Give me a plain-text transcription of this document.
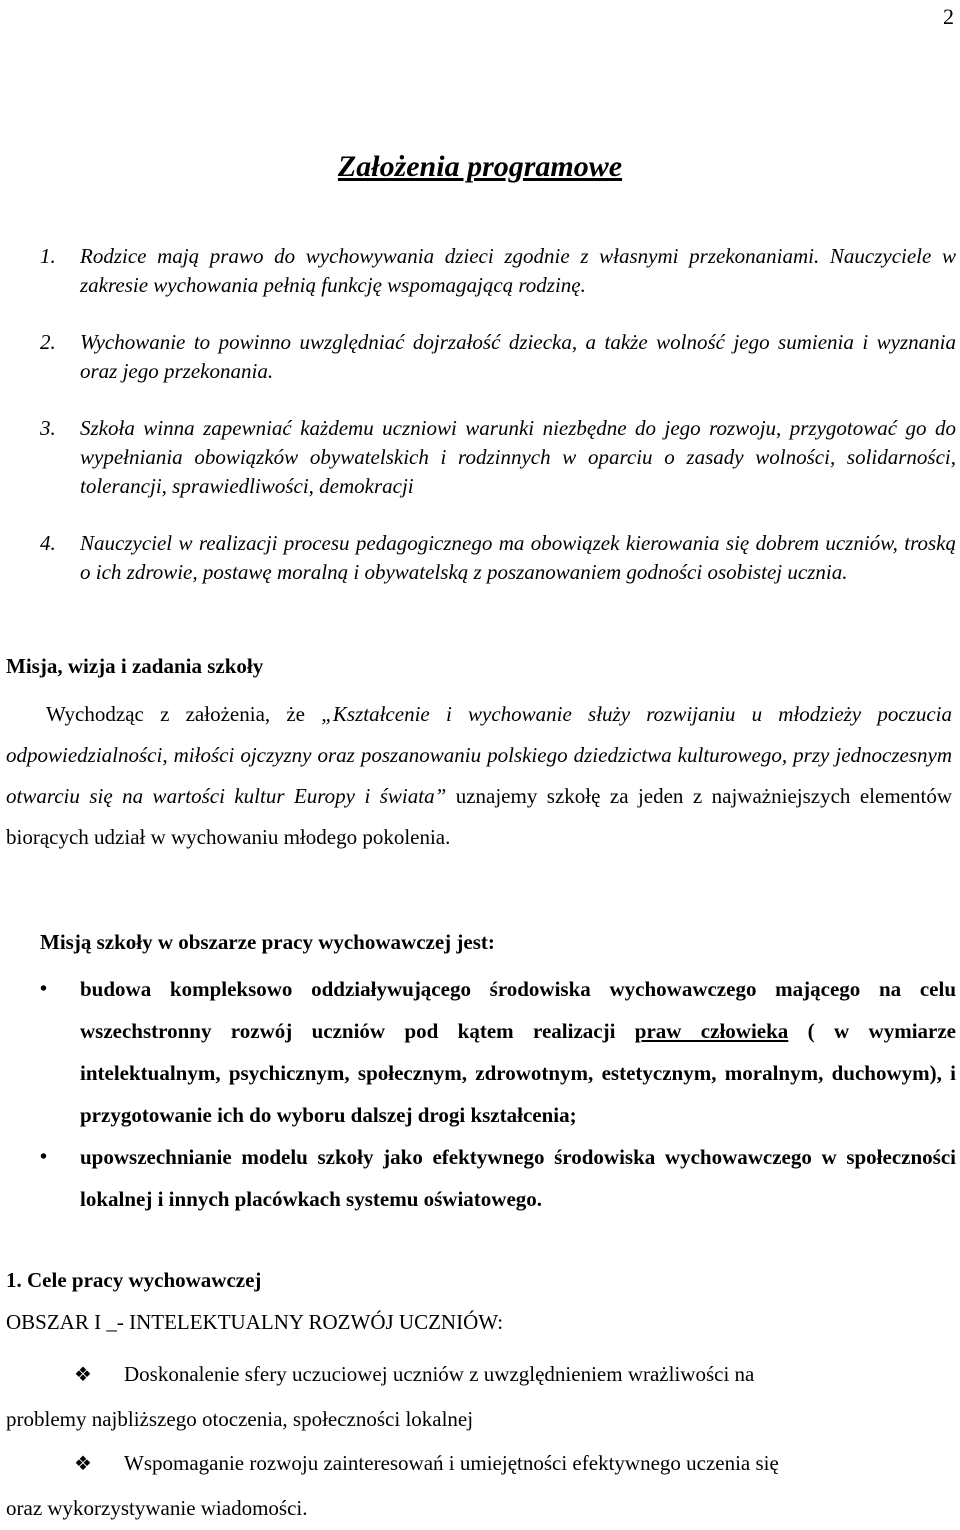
2
Założenia programowe
1. Rodzice mają prawo do wychowywania dzieci zgodnie z własnymi przekonaniami. Nauczyciele w zakresie wychowania pełnią funkcję wspomagającą rodzinę.
2. Wychowanie to powinno uwzględniać dojrzałość dziecka, a także wolność jego sumienia i wyznania oraz jego przekonania.
3. Szkoła winna zapewniać każdemu uczniowi warunki niezbędne do jego rozwoju, przygotować go do wypełniania obowiązków obywatelskich i rodzinnych w oparciu o zasady wolności, solidarności, tolerancji, sprawiedliwości, demokracji
4. Nauczyciel w realizacji procesu pedagogicznego ma obowiązek kierowania się dobrem uczniów, troską o ich zdrowie, postawę moralną i obywatelską z poszanowaniem godności osobistej ucznia.
Misja, wizja i zadania szkoły

Wychodząc z założenia, że „Kształcenie i wychowanie służy rozwijaniu u młodzieży poczucia odpowiedzialności, miłości ojczyzny oraz poszanowaniu polskiego dziedzictwa kulturowego, przy jednoczesnym otwarciu się na wartości kultur Europy i świata” uznajemy szkołę za jeden z najważniejszych elementów biorących udział w wychowaniu młodego pokolenia.

Misją szkoły w obszarze pracy wychowawczej jest:
• budowa kompleksowo oddziaływującego środowiska wychowawczego mającego na celu wszechstronny rozwój uczniów pod kątem realizacji praw człowieka ( w wymiarze intelektualnym, psychicznym, społecznym, zdrowotnym, estetycznym, moralnym, duchowym), i przygotowanie ich do wyboru dalszej drogi kształcenia;
• upowszechnianie modelu szkoły jako efektywnego środowiska wychowawczego w społeczności lokalnej i innych placówkach systemu oświatowego.
1. Cele pracy wychowawczej

OBSZAR I _- INTELEKTUALNY ROZWÓJ UCZNIÓW:

❖ Doskonalenie sfery uczuciowej uczniów z uwzględnieniem wrażliwości na
problemy najbliższego otoczenia, społeczności lokalnej
❖ Wspomaganie rozwoju zainteresowań i umiejętności efektywnego uczenia się
oraz wykorzystywanie wiadomości.
